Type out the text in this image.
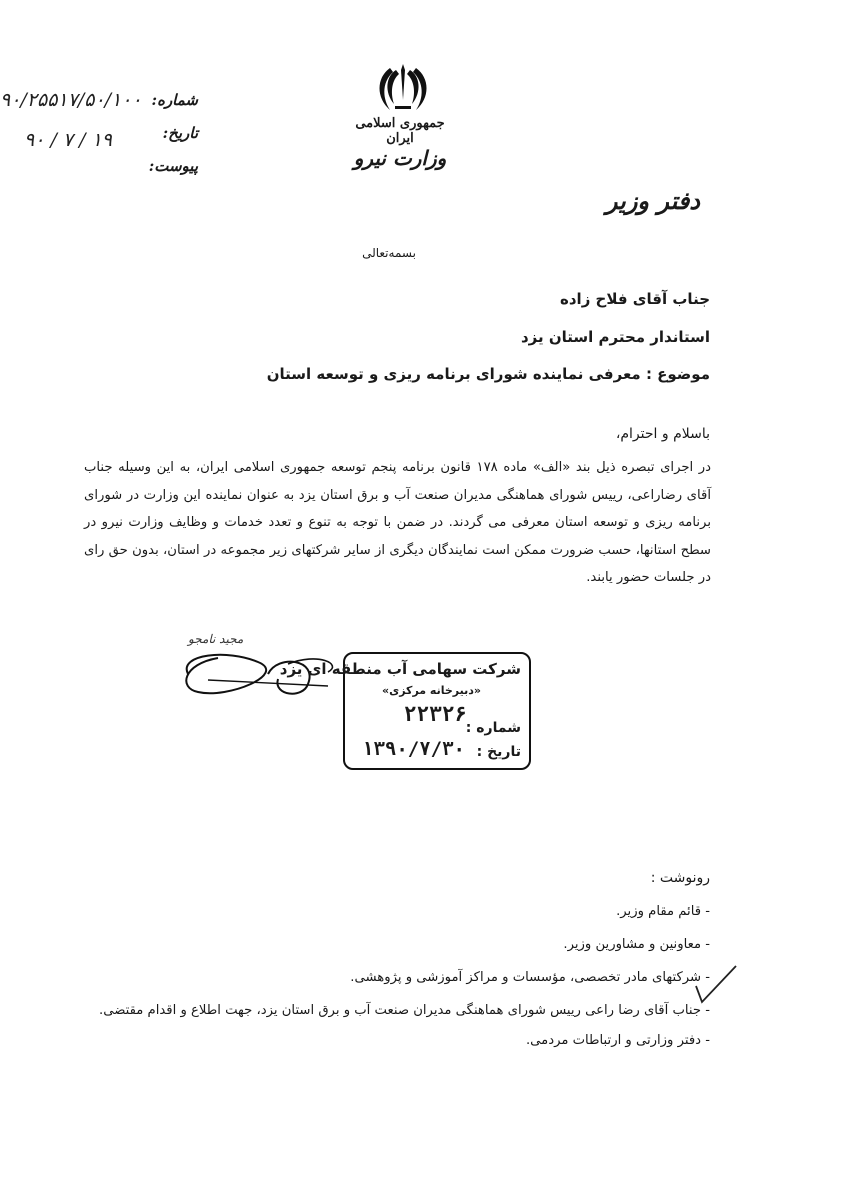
جمهوری اسلامی ایران
وزارت نیرو
شماره:
تاریخ:
پیوست:
۹۰/۲۵۵۱۷/۵۰/۱۰۰
۹۰ / ۷ / ۱۹
دفتر وزیر
بسمه‌تعالی
جناب آقای فلاح زاده
استاندار محترم استان یزد
موضوع : معرفی نماینده شورای برنامه ریزی و توسعه استان
باسلام و احترام،
در اجرای تبصره ذیل بند «الف» ماده ۱۷۸ قانون برنامه پنجم توسعه جمهوری اسلامی ایران، به این وسیله جناب آقای رضاراعی، رییس شورای هماهنگی مدیران صنعت آب و برق استان یزد به عنوان نماینده این وزارت در شورای برنامه ریزی و توسعه استان معرفی می گردند. در ضمن با توجه به تنوع و تعدد خدمات و وظایف وزارت نیرو در سطح استانها، حسب ضرورت ممکن است نمایندگان دیگری از سایر شرکتهای زیر مجموعه در استان، بدون حق رای در جلسات حضور یابند.
مجید نامجو
شرکت سهامی آب منطقه ای یزد
«دبیرخانه مرکزی»
شماره :
۲۲۳۲۶
تاریخ :
۱۳۹۰/۷/۳۰
رونوشت :
- قائم مقام وزیر.
- معاونین و مشاورین وزیر.
- شرکتهای مادر تخصصی، مؤسسات و مراکز آموزشی و پژوهشی.
- جناب آقای رضا راعی رییس شورای هماهنگی مدیران صنعت آب و برق استان یزد، جهت اطلاع و اقدام مقتضی.
- دفتر وزارتی و ارتباطات مردمی.
